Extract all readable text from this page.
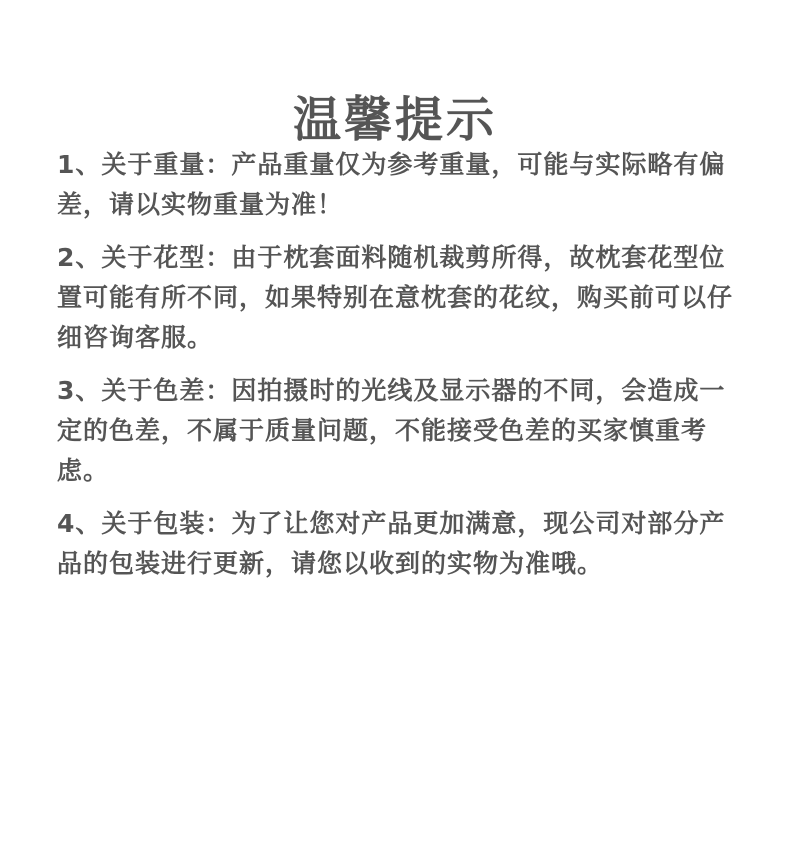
温馨提示
1、关于重量：产品重量仅为参考重量，可能与实际略有偏差，请以实物重量为准！
2、关于花型：由于枕套面料随机裁剪所得，故枕套花型位置可能有所不同，如果特别在意枕套的花纹，购买前可以仔细咨询客服。
3、关于色差：因拍摄时的光线及显示器的不同，会造成一定的色差，不属于质量问题，不能接受色差的买家慎重考虑。
4、关于包装：为了让您对产品更加满意，现公司对部分产品的包装进行更新，请您以收到的实物为准哦。
